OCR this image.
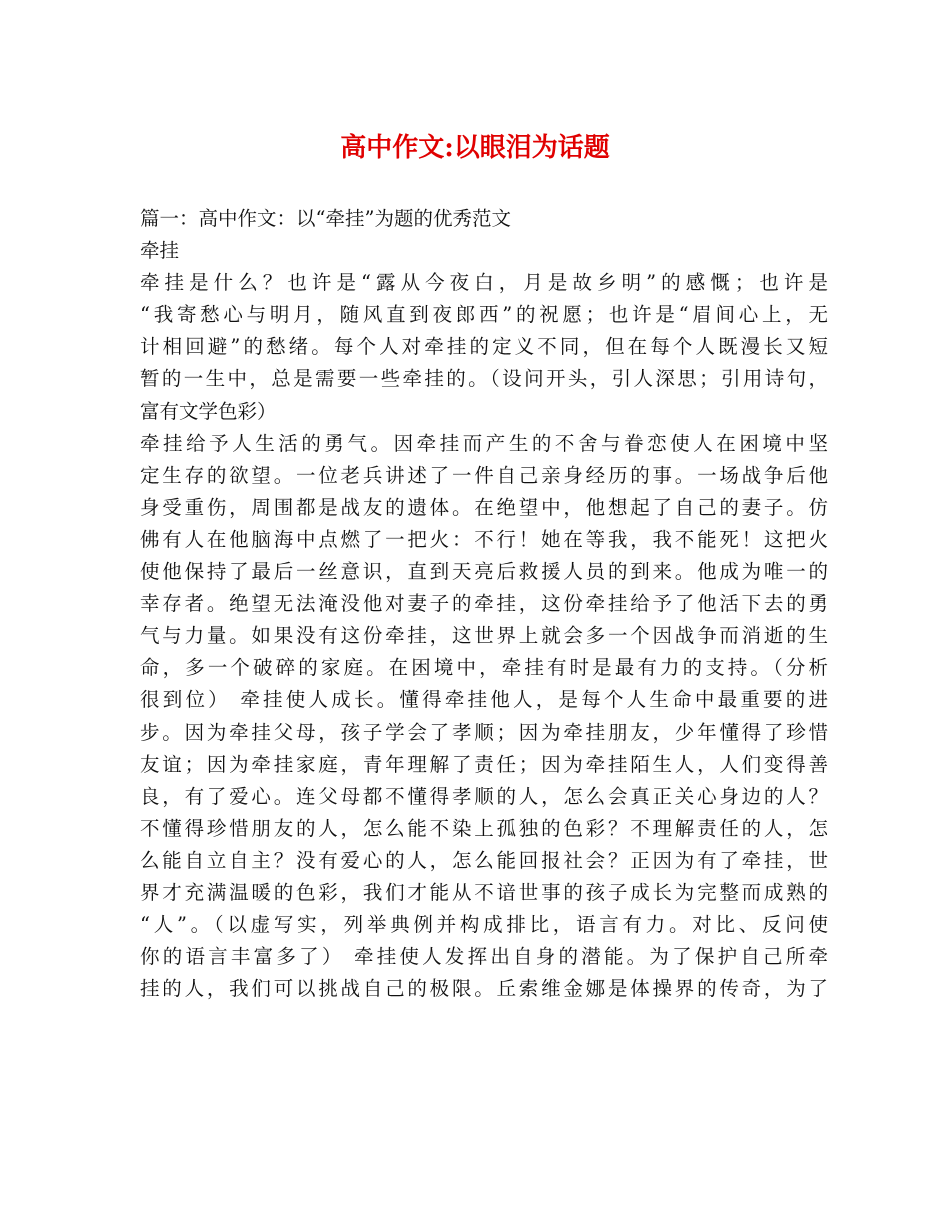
高中作文:以眼泪为话题
篇一：高中作文：以“牵挂”为题的优秀范文
牵挂
牵挂是什么？也许是“露从今夜白，月是故乡明”的感慨；也许是
“我寄愁心与明月，随风直到夜郎西”的祝愿；也许是“眉间心上，无
计相回避”的愁绪。每个人对牵挂的定义不同，但在每个人既漫长又短
暂的一生中，总是需要一些牵挂的。（设问开头，引人深思；引用诗句，
富有文学色彩）
牵挂给予人生活的勇气。因牵挂而产生的不舍与眷恋使人在困境中坚
定生存的欲望。一位老兵讲述了一件自己亲身经历的事。一场战争后他
身受重伤，周围都是战友的遗体。在绝望中，他想起了自己的妻子。仿
佛有人在他脑海中点燃了一把火：不行！她在等我，我不能死！这把火
使他保持了最后一丝意识，直到天亮后救援人员的到来。他成为唯一的
幸存者。绝望无法淹没他对妻子的牵挂，这份牵挂给予了他活下去的勇
气与力量。如果没有这份牵挂，这世界上就会多一个因战争而消逝的生
命，多一个破碎的家庭。在困境中，牵挂有时是最有力的支持。（分析
很到位） 牵挂使人成长。懂得牵挂他人，是每个人生命中最重要的进
步。因为牵挂父母，孩子学会了孝顺；因为牵挂朋友，少年懂得了珍惜
友谊；因为牵挂家庭，青年理解了责任；因为牵挂陌生人，人们变得善
良，有了爱心。连父母都不懂得孝顺的人，怎么会真正关心身边的人？
不懂得珍惜朋友的人，怎么能不染上孤独的色彩？不理解责任的人，怎
么能自立自主？没有爱心的人，怎么能回报社会？正因为有了牵挂，世
界才充满温暖的色彩，我们才能从不谙世事的孩子成长为完整而成熟的
“人”。（以虚写实，列举典例并构成排比，语言有力。对比、反问使
你的语言丰富多了） 牵挂使人发挥出自身的潜能。为了保护自己所牵
挂的人，我们可以挑战自己的极限。丘索维金娜是体操界的传奇，为了
